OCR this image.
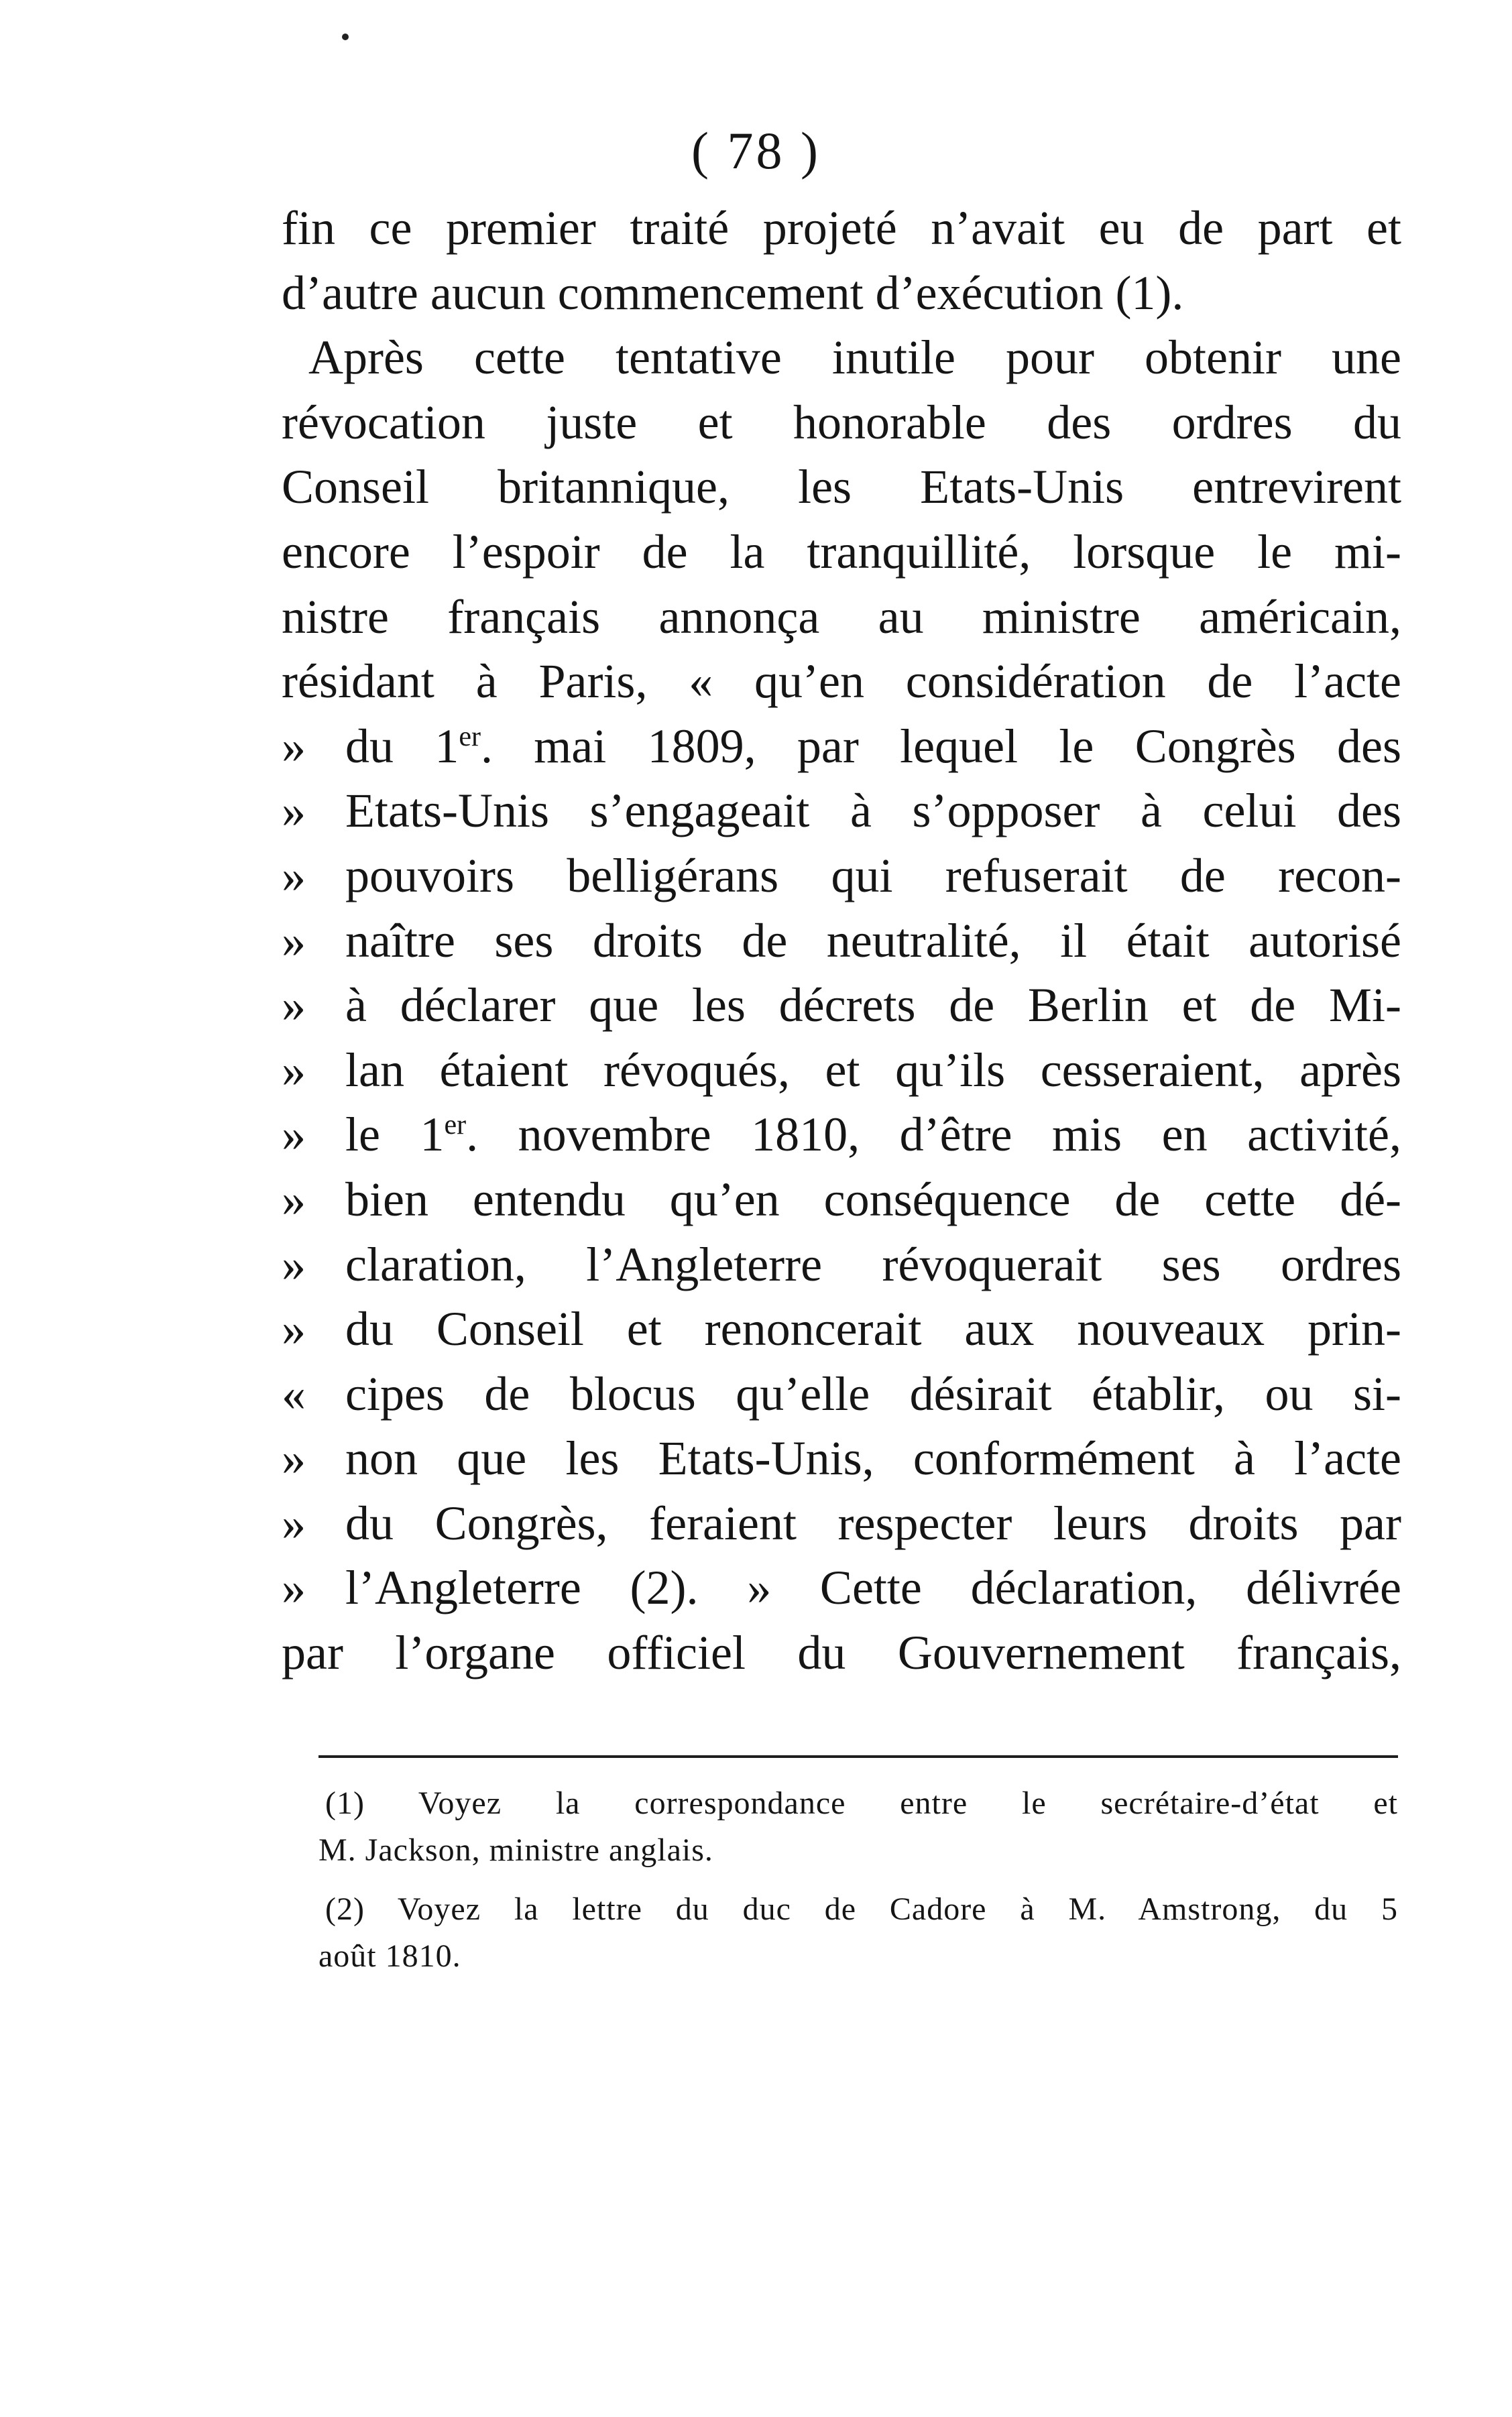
( 78 )
fin ce premier traité projeté n’avait eu de part et
d’autre aucun commencement d’exécution (1).
Après cette tentative inutile pour obtenir une
révocation juste et honorable des ordres du
Conseil britannique, les Etats-Unis entrevirent
encore l’espoir de la tranquillité, lorsque le mi-
nistre français annonça au ministre américain,
résidant à Paris, « qu’en considération de l’acte
» du 1er. mai 1809, par lequel le Congrès des
» Etats-Unis s’engageait à s’opposer à celui des
» pouvoirs belligérans qui refuserait de recon-
» naître ses droits de neutralité, il était autorisé
» à déclarer que les décrets de Berlin et de Mi-
» lan étaient révoqués, et qu’ils cesseraient, après
» le 1er. novembre 1810, d’être mis en activité,
» bien entendu qu’en conséquence de cette dé-
» claration, l’Angleterre révoquerait ses ordres
» du Conseil et renoncerait aux nouveaux prin-
« cipes de blocus qu’elle désirait établir, ou si-
» non que les Etats-Unis, conformément à l’acte
» du Congrès, feraient respecter leurs droits par
» l’Angleterre (2). » Cette déclaration, délivrée
par l’organe officiel du Gouvernement français,
(1) Voyez la correspondance entre le secrétaire-d’état et
M. Jackson, ministre anglais.
(2) Voyez la lettre du duc de Cadore à M. Amstrong, du 5
août 1810.
